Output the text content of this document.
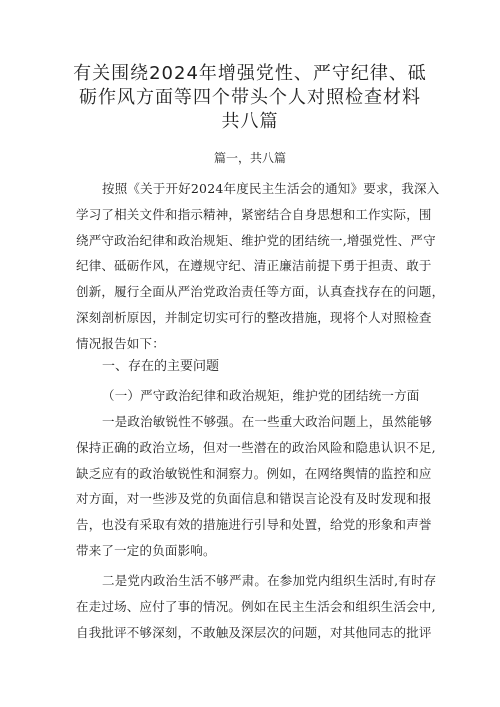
有关围绕2024年增强党性、严守纪律、砥
砺作风方面等四个带头个人对照检查材料
共八篇
篇一，共八篇

按照《关于开好2024年度民主生活会的通知》要求，我深入
学习了相关文件和指示精神，紧密结合自身思想和工作实际，围
绕严守政治纪律和政治规矩、维护党的团结统一,增强党性、严守
纪律、砥砺作风，在遵规守纪、清正廉洁前提下勇于担责、敢于
创新，履行全面从严治党政治责任等方面，认真查找存在的问题，
深刻剖析原因，并制定切实可行的整改措施，现将个人对照检查
情况报告如下：

一、存在的主要问题

（一）严守政治纪律和政治规矩，维护党的团结统一方面

一是政治敏锐性不够强。在一些重大政治问题上，虽然能够
保持正确的政治立场，但对一些潜在的政治风险和隐患认识不足,
缺乏应有的政治敏锐性和洞察力。例如，在网络舆情的监控和应
对方面，对一些涉及党的负面信息和错误言论没有及时发现和报
告，也没有采取有效的措施进行引导和处置，给党的形象和声誉
带来了一定的负面影响。

二是党内政治生活不够严肃。在参加党内组织生活时,有时存
在走过场、应付了事的情况。例如在民主生活会和组织生活会中,
自我批评不够深刻，不敢触及深层次的问题，对其他同志的批评
